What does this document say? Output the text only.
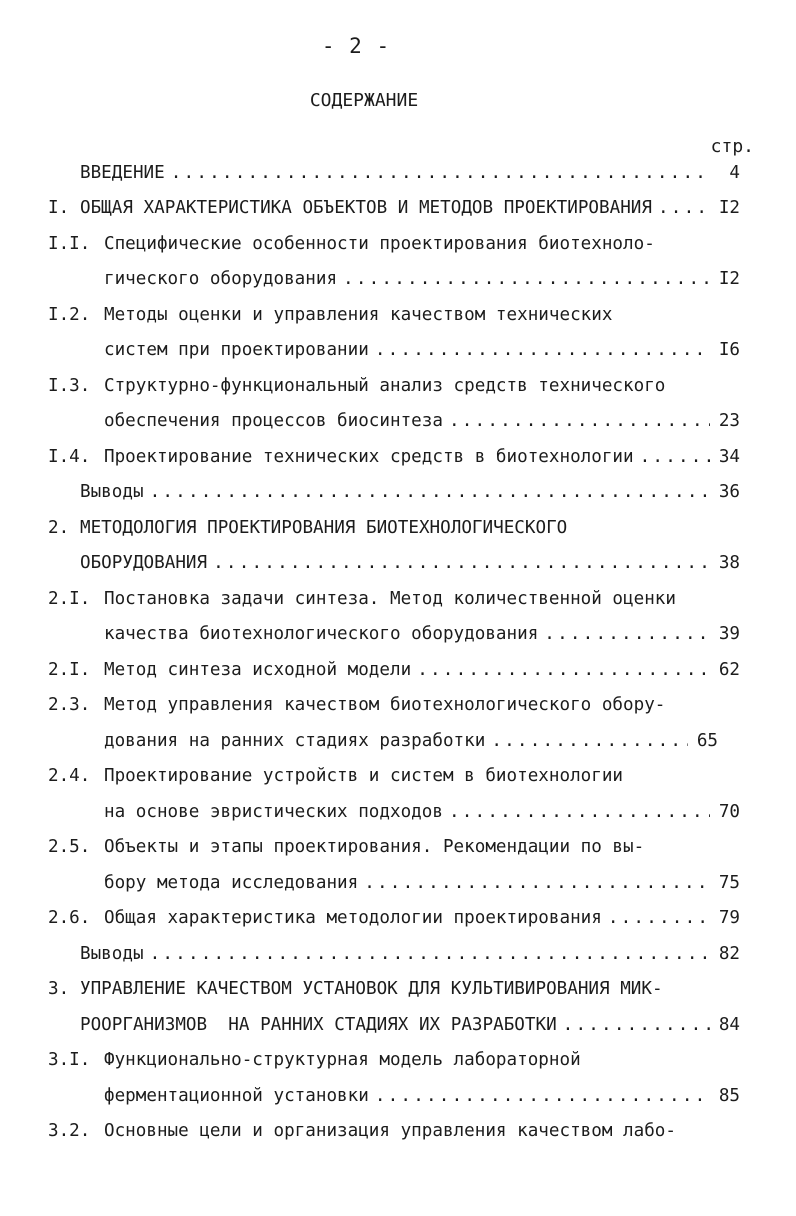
- 2 -
СОДЕРЖАНИЕ
стр.
ВВЕДЕНИЕ .....	4
I. ОБЩАЯ ХАРАКТЕРИСТИКА ОБЪЕКТОВ И МЕТОДОВ ПРОЕКТИРОВАНИЯ .....	I2
I.I. Специфические особенности проектирования биотехноло-
гического оборудования .....	I2
I.2. Методы оценки и управления качеством технических
систем при проектировании .....	I6
I.3. Структурно-функциональный анализ средств технического
обеспечения процессов биосинтеза .....	23
I.4. Проектирование технических средств в биотехнологии .....	34
Выводы .....	36
2. МЕТОДОЛОГИЯ ПРОЕКТИРОВАНИЯ БИОТЕХНОЛОГИЧЕСКОГО
ОБОРУДОВАНИЯ .....	38
2.I. Постановка задачи синтеза. Метод количественной оценки
качества биотехнологического оборудования .....	39
2.I. Метод синтеза исходной модели .....	62
2.3. Метод управления качеством биотехнологического обору-
дования на ранних стадиях разработки .....	65
2.4. Проектирование устройств и систем в биотехнологии
на основе эвристических подходов .....	70
2.5. Объекты и этапы проектирования. Рекомендации по вы-
бору метода исследования .....	75
2.6. Общая характеристика методологии проектирования .....	79
Выводы .....	82
3. УПРАВЛЕНИЕ КАЧЕСТВОМ УСТАНОВОК ДЛЯ КУЛЬТИВИРОВАНИЯ МИК-
РООРГАНИЗМОВ  НА РАННИХ СТАДИЯХ ИХ РАЗРАБОТКИ .....	84
3.I. Функционально-структурная модель лабораторной
ферментационной установки .....	85
3.2. Основные цели и организация управления качеством лабо-
